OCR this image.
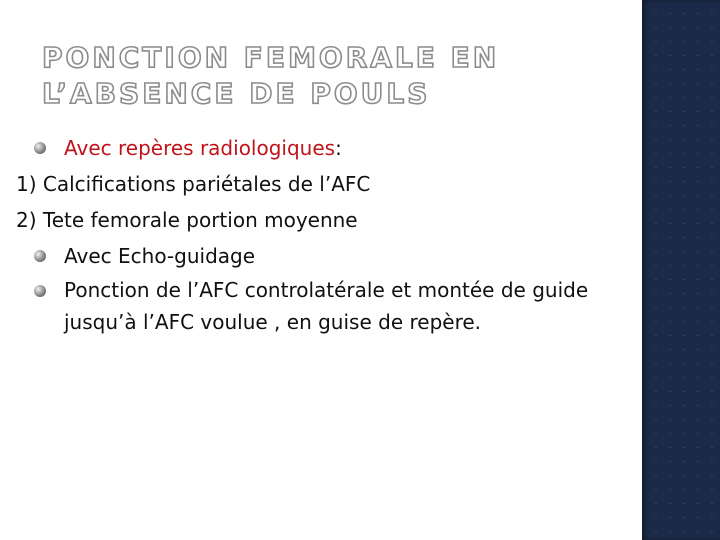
PONCTION FEMORALE EN
L’ABSENCE DE POULS
Avec repères radiologiques:
1) Calcifications pariétales de l’AFC
2) Tete femorale portion moyenne
Avec Echo-guidage
Ponction de l’AFC controlatérale et montée de guide jusqu’à l’AFC voulue , en guise de repère.
